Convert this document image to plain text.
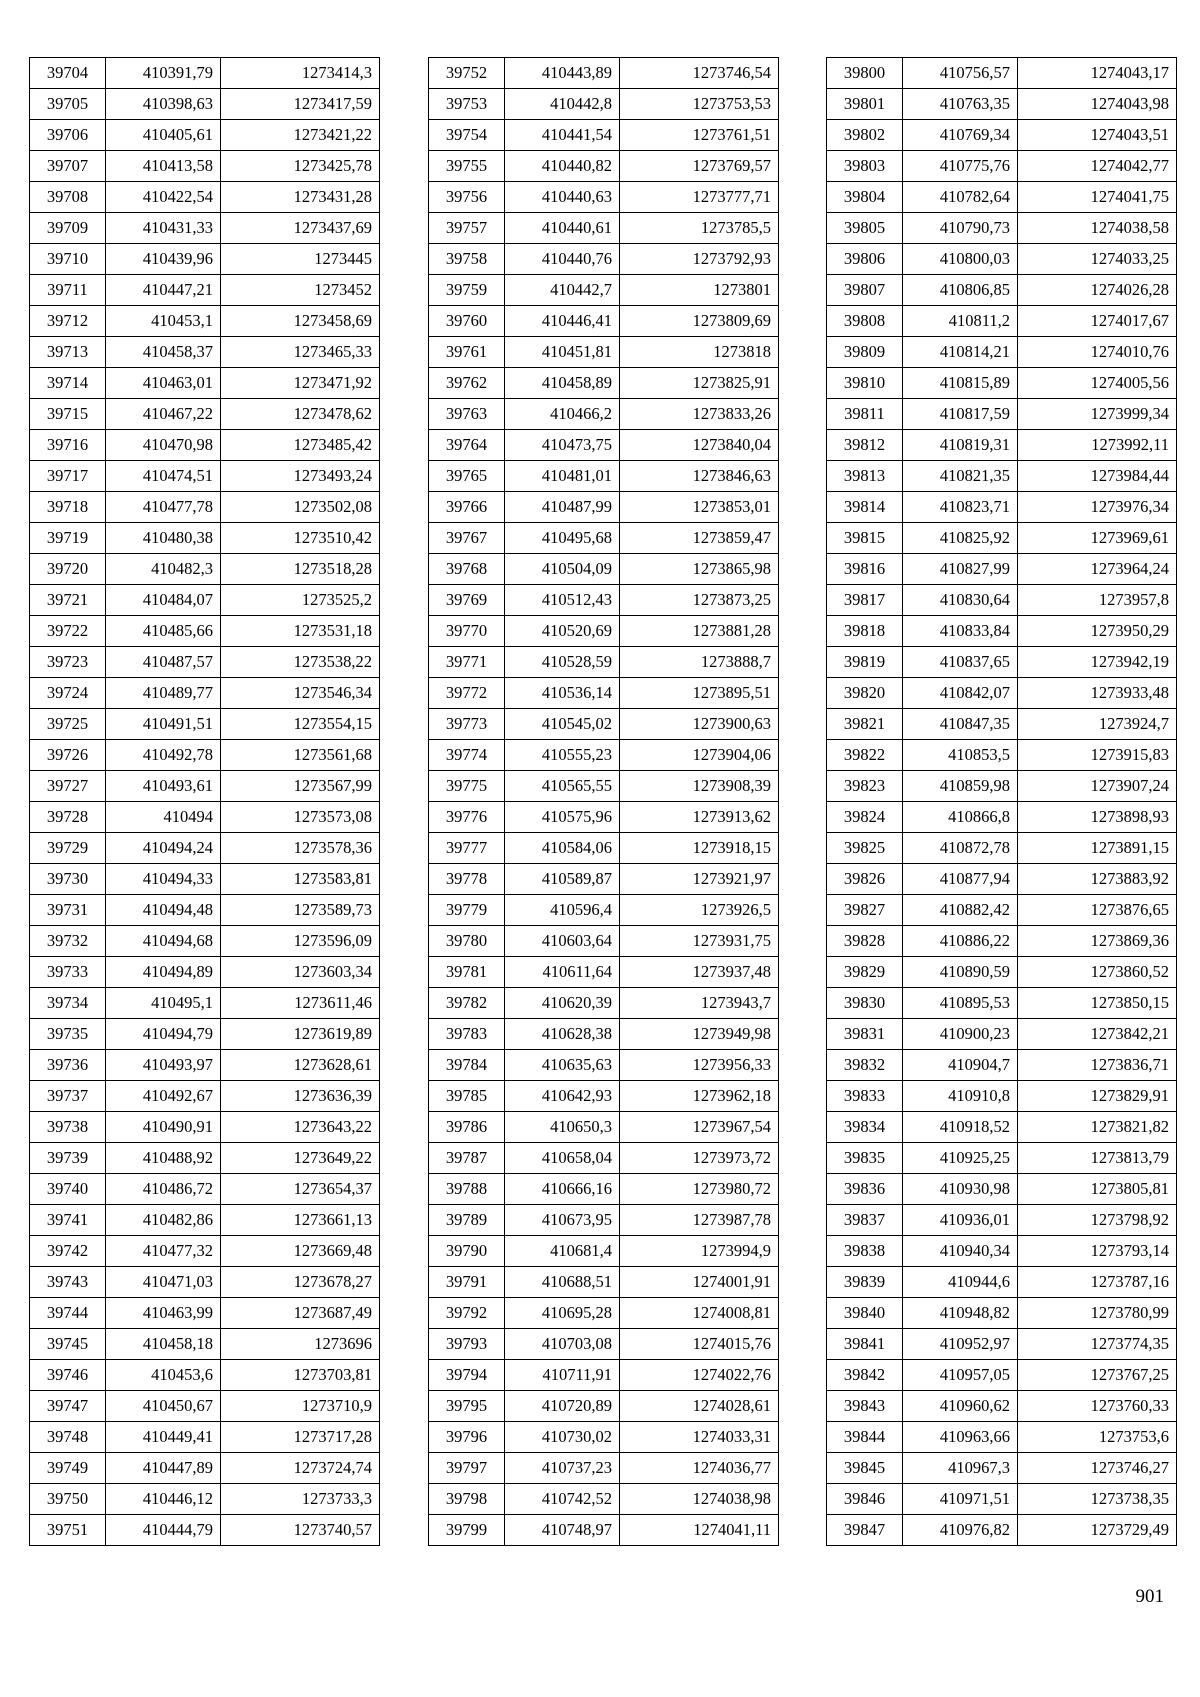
39704	410391,79	1273414,3
39705	410398,63	1273417,59
39706	410405,61	1273421,22
39707	410413,58	1273425,78
39708	410422,54	1273431,28
39709	410431,33	1273437,69
39710	410439,96	1273445
39711	410447,21	1273452
39712	410453,1	1273458,69
39713	410458,37	1273465,33
39714	410463,01	1273471,92
39715	410467,22	1273478,62
39716	410470,98	1273485,42
39717	410474,51	1273493,24
39718	410477,78	1273502,08
39719	410480,38	1273510,42
39720	410482,3	1273518,28
39721	410484,07	1273525,2
39722	410485,66	1273531,18
39723	410487,57	1273538,22
39724	410489,77	1273546,34
39725	410491,51	1273554,15
39726	410492,78	1273561,68
39727	410493,61	1273567,99
39728	410494	1273573,08
39729	410494,24	1273578,36
39730	410494,33	1273583,81
39731	410494,48	1273589,73
39732	410494,68	1273596,09
39733	410494,89	1273603,34
39734	410495,1	1273611,46
39735	410494,79	1273619,89
39736	410493,97	1273628,61
39737	410492,67	1273636,39
39738	410490,91	1273643,22
39739	410488,92	1273649,22
39740	410486,72	1273654,37
39741	410482,86	1273661,13
39742	410477,32	1273669,48
39743	410471,03	1273678,27
39744	410463,99	1273687,49
39745	410458,18	1273696
39746	410453,6	1273703,81
39747	410450,67	1273710,9
39748	410449,41	1273717,28
39749	410447,89	1273724,74
39750	410446,12	1273733,3
39751	410444,79	1273740,57
39752	410443,89	1273746,54
39753	410442,8	1273753,53
39754	410441,54	1273761,51
39755	410440,82	1273769,57
39756	410440,63	1273777,71
39757	410440,61	1273785,5
39758	410440,76	1273792,93
39759	410442,7	1273801
39760	410446,41	1273809,69
39761	410451,81	1273818
39762	410458,89	1273825,91
39763	410466,2	1273833,26
39764	410473,75	1273840,04
39765	410481,01	1273846,63
39766	410487,99	1273853,01
39767	410495,68	1273859,47
39768	410504,09	1273865,98
39769	410512,43	1273873,25
39770	410520,69	1273881,28
39771	410528,59	1273888,7
39772	410536,14	1273895,51
39773	410545,02	1273900,63
39774	410555,23	1273904,06
39775	410565,55	1273908,39
39776	410575,96	1273913,62
39777	410584,06	1273918,15
39778	410589,87	1273921,97
39779	410596,4	1273926,5
39780	410603,64	1273931,75
39781	410611,64	1273937,48
39782	410620,39	1273943,7
39783	410628,38	1273949,98
39784	410635,63	1273956,33
39785	410642,93	1273962,18
39786	410650,3	1273967,54
39787	410658,04	1273973,72
39788	410666,16	1273980,72
39789	410673,95	1273987,78
39790	410681,4	1273994,9
39791	410688,51	1274001,91
39792	410695,28	1274008,81
39793	410703,08	1274015,76
39794	410711,91	1274022,76
39795	410720,89	1274028,61
39796	410730,02	1274033,31
39797	410737,23	1274036,77
39798	410742,52	1274038,98
39799	410748,97	1274041,11
39800	410756,57	1274043,17
39801	410763,35	1274043,98
39802	410769,34	1274043,51
39803	410775,76	1274042,77
39804	410782,64	1274041,75
39805	410790,73	1274038,58
39806	410800,03	1274033,25
39807	410806,85	1274026,28
39808	410811,2	1274017,67
39809	410814,21	1274010,76
39810	410815,89	1274005,56
39811	410817,59	1273999,34
39812	410819,31	1273992,11
39813	410821,35	1273984,44
39814	410823,71	1273976,34
39815	410825,92	1273969,61
39816	410827,99	1273964,24
39817	410830,64	1273957,8
39818	410833,84	1273950,29
39819	410837,65	1273942,19
39820	410842,07	1273933,48
39821	410847,35	1273924,7
39822	410853,5	1273915,83
39823	410859,98	1273907,24
39824	410866,8	1273898,93
39825	410872,78	1273891,15
39826	410877,94	1273883,92
39827	410882,42	1273876,65
39828	410886,22	1273869,36
39829	410890,59	1273860,52
39830	410895,53	1273850,15
39831	410900,23	1273842,21
39832	410904,7	1273836,71
39833	410910,8	1273829,91
39834	410918,52	1273821,82
39835	410925,25	1273813,79
39836	410930,98	1273805,81
39837	410936,01	1273798,92
39838	410940,34	1273793,14
39839	410944,6	1273787,16
39840	410948,82	1273780,99
39841	410952,97	1273774,35
39842	410957,05	1273767,25
39843	410960,62	1273760,33
39844	410963,66	1273753,6
39845	410967,3	1273746,27
39846	410971,51	1273738,35
39847	410976,82	1273729,49
901
